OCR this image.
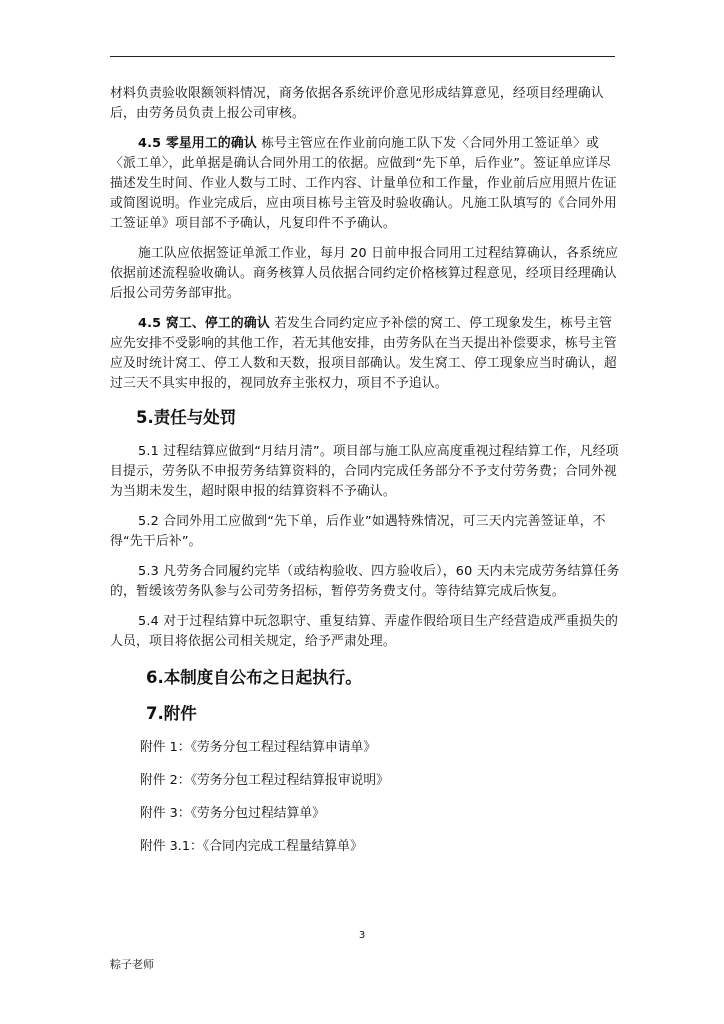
材料负责验收限额领料情况，商务依据各系统评价意见形成结算意见，经项目经理确认后，由劳务员负责上报公司审核。

4.5 零星用工的确认 栋号主管应在作业前向施工队下发〈合同外用工签证单〉或〈派工单〉，此单据是确认合同外用工的依据。应做到“先下单，后作业”。签证单应详尽描述发生时间、作业人数与工时、工作内容、计量单位和工作量，作业前后应用照片佐证或简图说明。作业完成后，应由项目栋号主管及时验收确认。凡施工队填写的《合同外用工签证单》项目部不予确认，凡复印件不予确认。

施工队应依据签证单派工作业，每月 20 日前申报合同用工过程结算确认，各系统应依据前述流程验收确认。商务核算人员依据合同约定价格核算过程意见，经项目经理确认后报公司劳务部审批。

4.5 窝工、停工的确认 若发生合同约定应予补偿的窝工、停工现象发生，栋号主管应先安排不受影响的其他工作，若无其他安排，由劳务队在当天提出补偿要求，栋号主管应及时统计窝工、停工人数和天数，报项目部确认。发生窝工、停工现象应当时确认，超过三天不具实申报的，视同放弃主张权力，项目不予追认。

5.责任与处罚

5.1 过程结算应做到“月结月清”。项目部与施工队应高度重视过程结算工作，凡经项目提示，劳务队不申报劳务结算资料的，合同内完成任务部分不予支付劳务费；合同外视为当期未发生，超时限申报的结算资料不予确认。

5.2 合同外用工应做到“先下单，后作业”如遇特殊情况，可三天内完善签证单，不得“先干后补”。

5.3 凡劳务合同履约完毕（或结构验收、四方验收后），60 天内未完成劳务结算任务的，暂缓该劳务队参与公司劳务招标，暂停劳务费支付。等待结算完成后恢复。

5.4 对于过程结算中玩忽职守、重复结算、弄虚作假给项目生产经营造成严重损失的人员，项目将依据公司相关规定，给予严肃处理。

6.本制度自公布之日起执行。
7.附件
附件 1：《劳务分包工程过程结算申请单》
附件 2：《劳务分包工程过程结算报审说明》
附件 3：《劳务分包过程结算单》
附件 3.1：《合同内完成工程量结算单》
3
粽子老师
